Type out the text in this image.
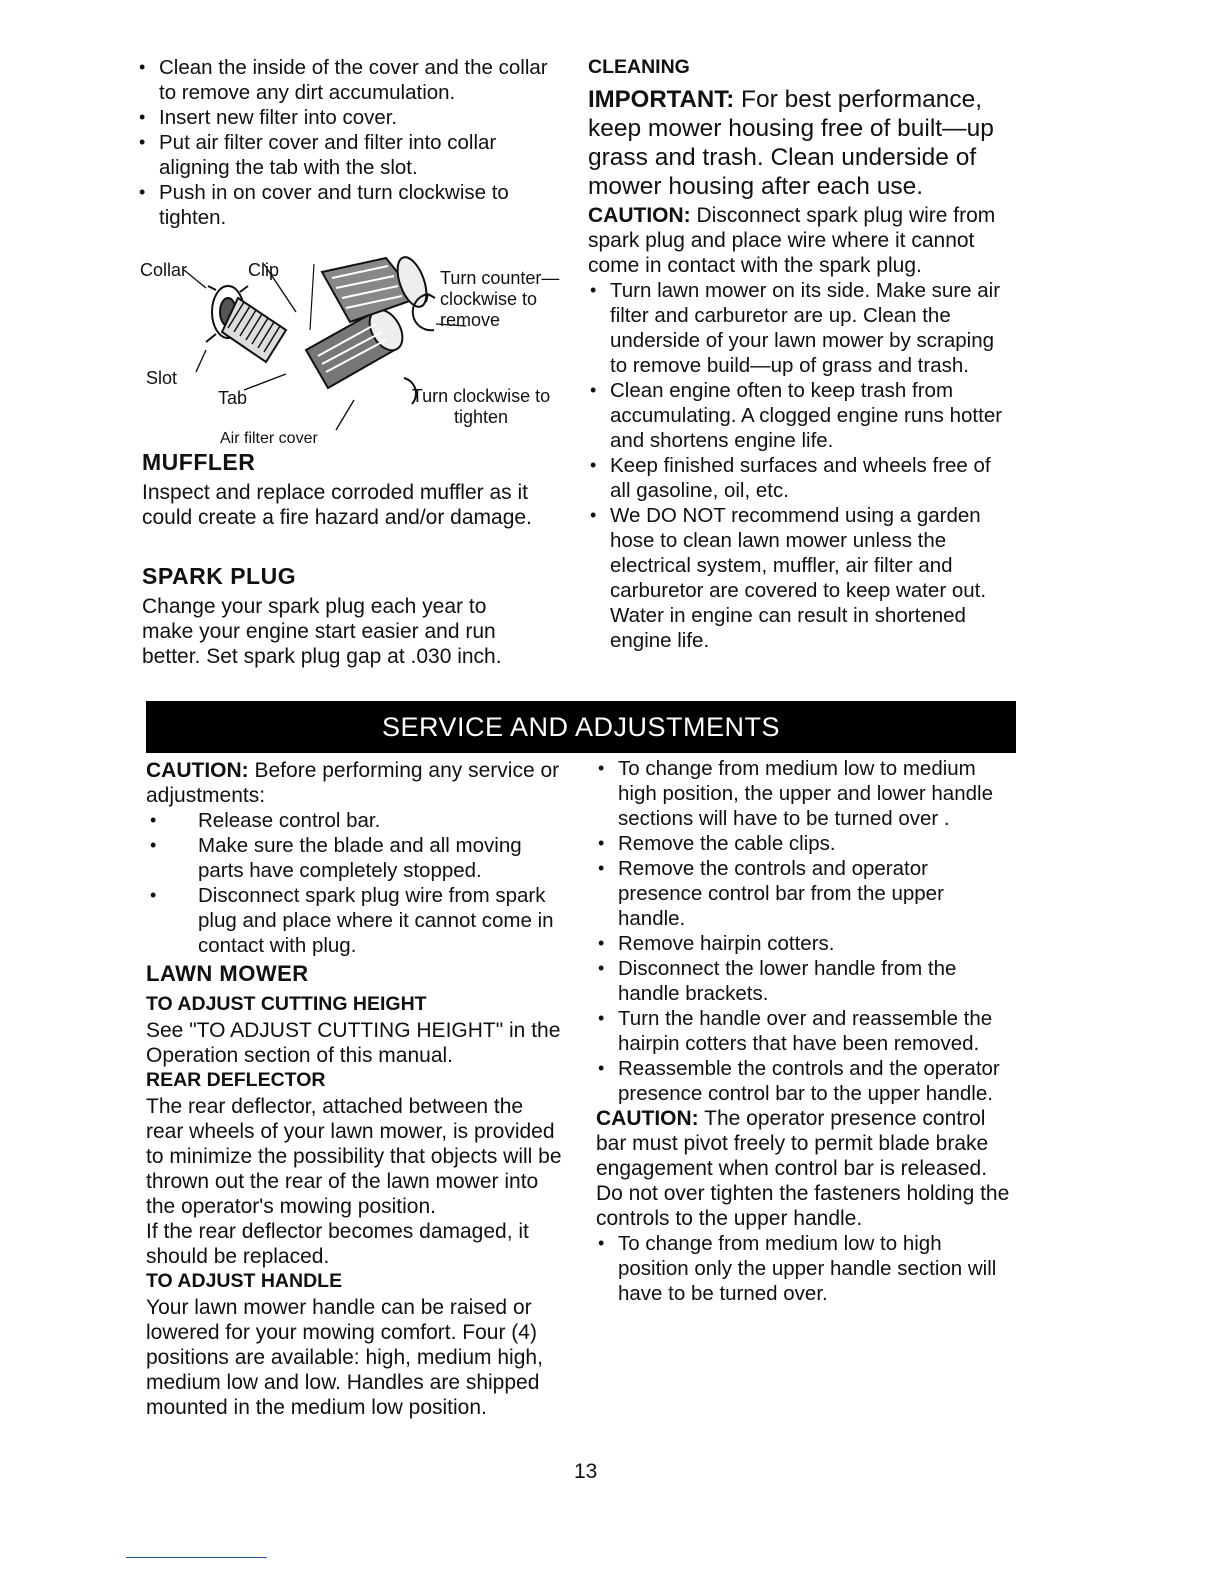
• Clean the inside of the cover and the collar to remove any dirt accumulation.
• Insert new filter into cover.
• Put air filter cover and filter into collar aligning the tab with the slot.
• Push in on cover and turn clockwise to tighten.
Collar	Clip	Turn counter— clockwise to remove
Slot
Tab	Turn clockwise to tighten
Air filter cover
MUFFLER

Inspect and replace corroded muffler as it could create a fire hazard and/or damage.

SPARK PLUG

Change your spark plug each year to make your engine start easier and run better. Set spark plug gap at .030 inch.

CLEANING

IMPORTANT: For best performance, keep mower housing free of built—up grass and trash. Clean underside of mower housing after each use.

CAUTION: Disconnect spark plug wire from spark plug and place wire where it cannot come in contact with the spark plug.

• Turn lawn mower on its side. Make sure air filter and carburetor are up. Clean the underside of your lawn mower by scraping to remove build—up of grass and trash.
• Clean engine often to keep trash from accumulating. A clogged engine runs hotter and shortens engine life.
• Keep finished surfaces and wheels free of all gasoline, oil, etc.
• We DO NOT recommend using a garden hose to clean lawn mower unless the electrical system, muffler, air filter and carburetor are covered to keep water out. Water in engine can result in shortened engine life.
SERVICE AND ADJUSTMENTS

CAUTION: Before performing any service or adjustments:

• Release control bar.
• Make sure the blade and all moving parts have completely stopped.
• Disconnect spark plug wire from spark plug and place where it cannot come in contact with plug.
LAWN MOWER
TO ADJUST CUTTING HEIGHT

See "TO ADJUST CUTTING HEIGHT" in the Operation section of this manual.

REAR DEFLECTOR

The rear deflector, attached between the rear wheels of your lawn mower, is provided to minimize the possibility that objects will be thrown out the rear of the lawn mower into the operator's mowing position.

If the rear deflector becomes damaged, it should be replaced.

TO ADJUST HANDLE

Your lawn mower handle can be raised or lowered for your mowing comfort. Four (4) positions are available: high, medium high, medium low and low. Handles are shipped mounted in the medium low position.

• To change from medium low to medium high position, the upper and lower handle sections will have to be turned over .
• Remove the cable clips.
• Remove the controls and operator presence control bar from the upper handle.
• Remove hairpin cotters.
• Disconnect the lower handle from the handle brackets.
• Turn the handle over and reassemble the hairpin cotters that have been removed.
• Reassemble the controls and the operator presence control bar to the upper handle.

CAUTION: The operator presence control bar must pivot freely to permit blade brake engagement when control bar is released. Do not over tighten the fasteners holding the controls to the upper handle.

• To change from medium low to high position only the upper handle section will have to be turned over.
13
